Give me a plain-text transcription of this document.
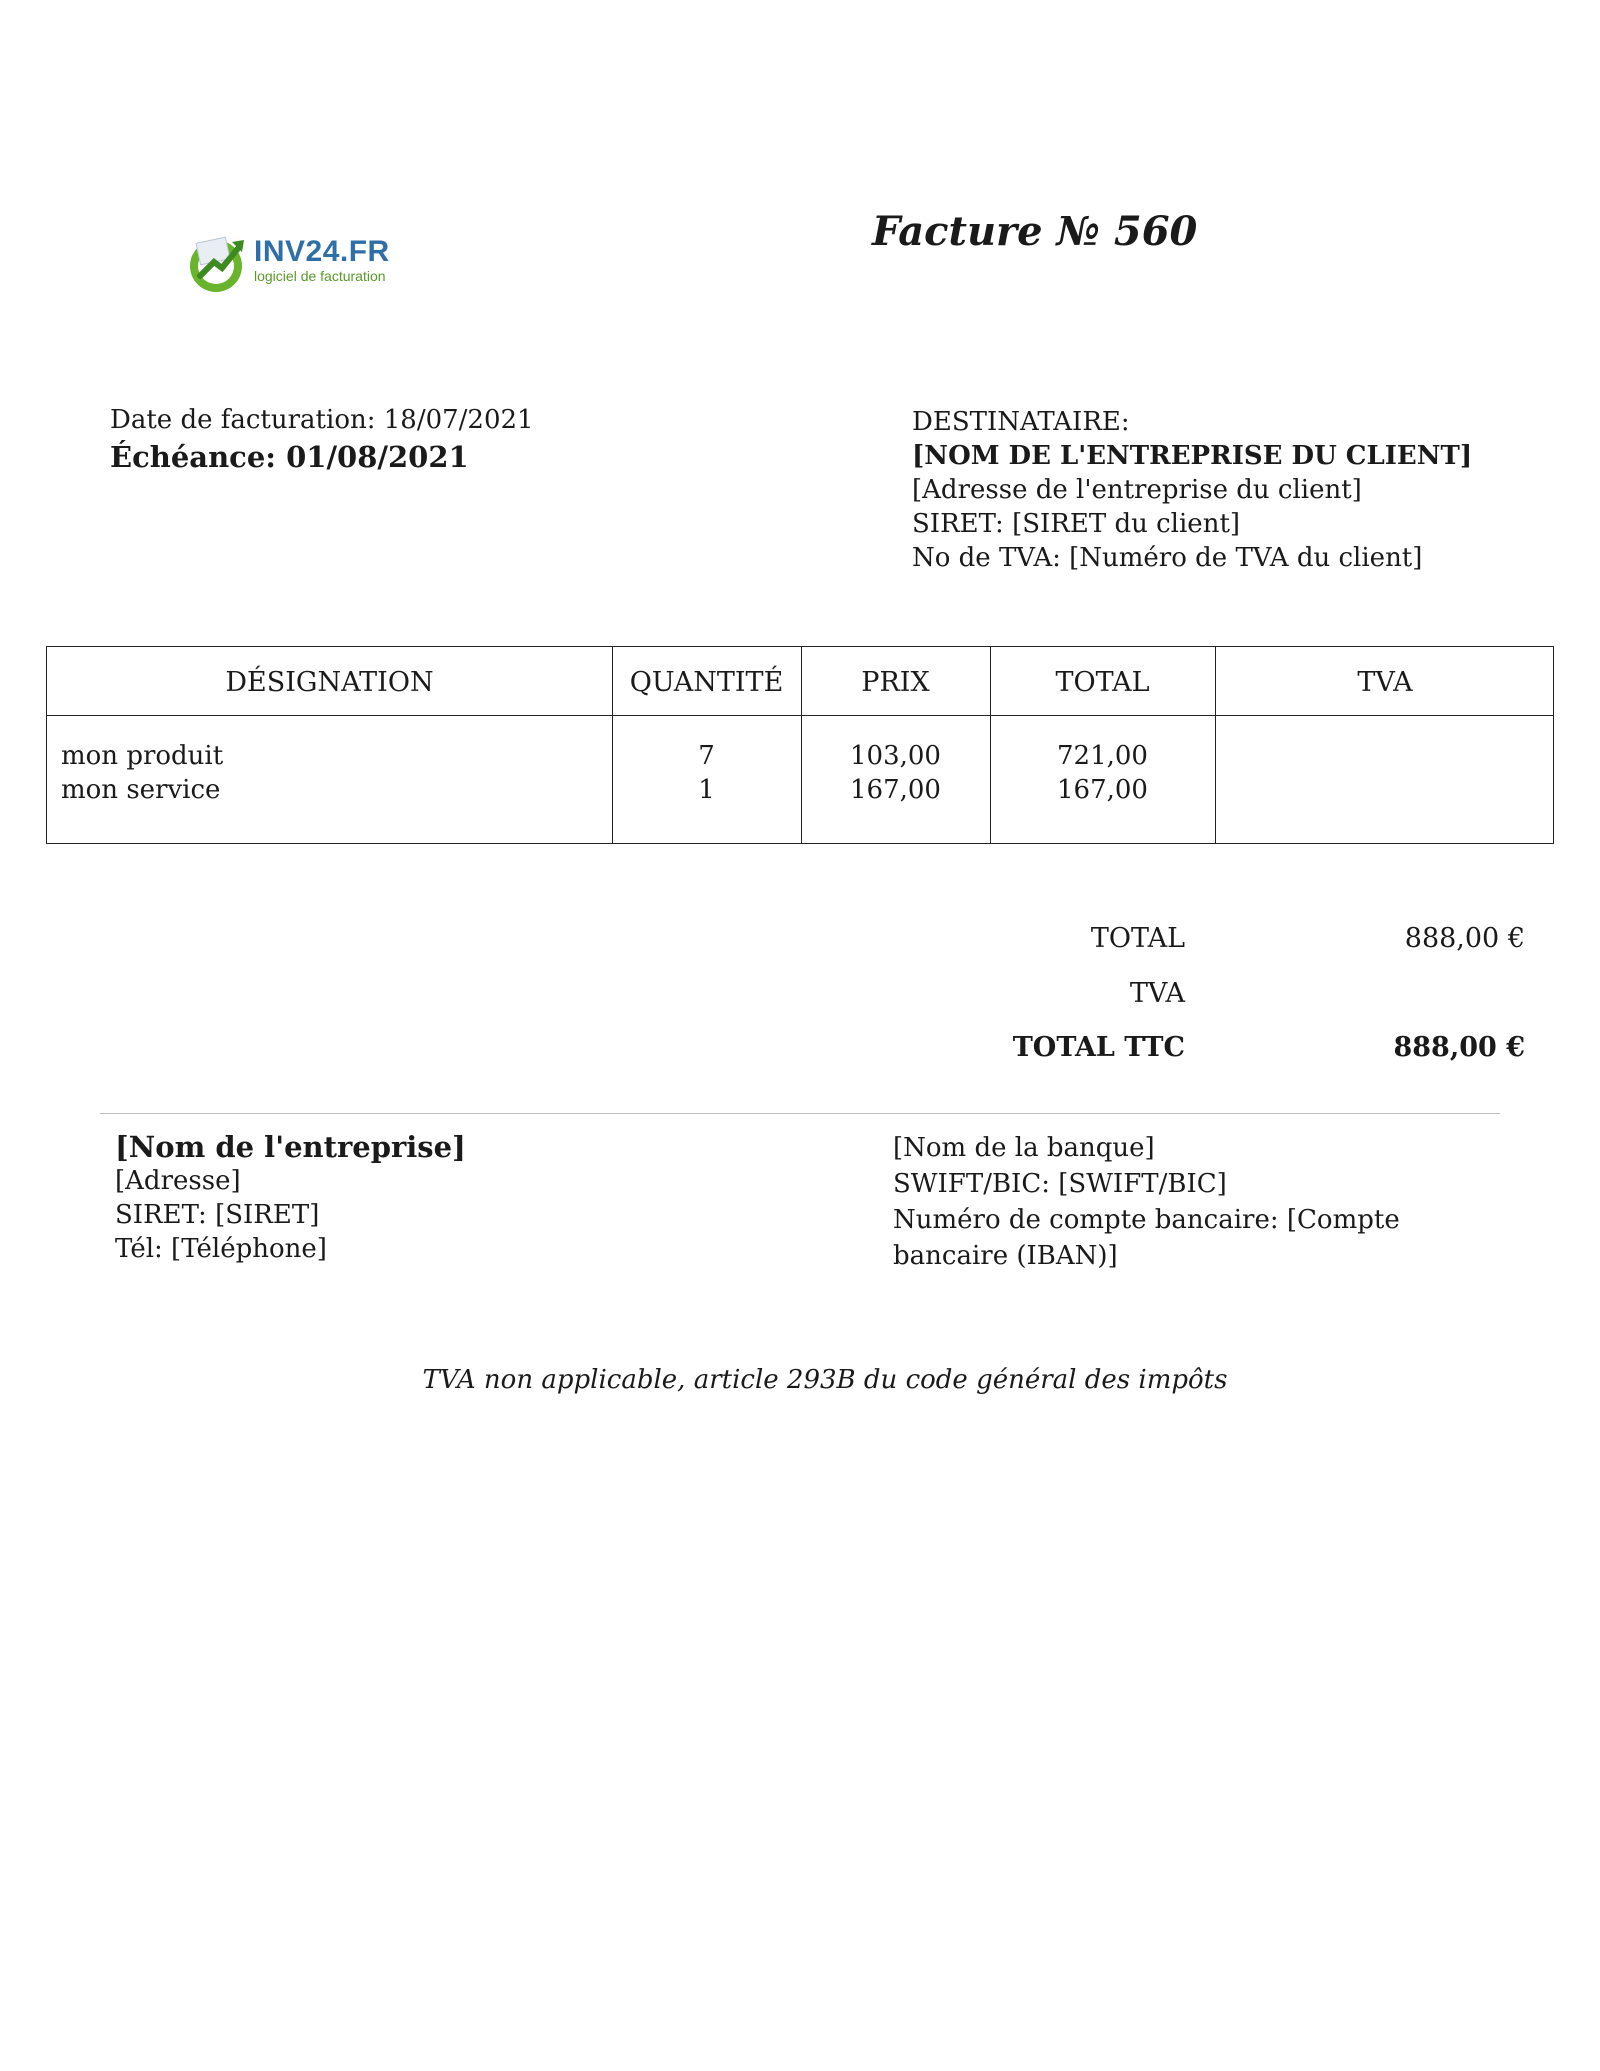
INV24.FR
logiciel de facturation
Facture № 560
Date de facturation: 18/07/2021
Échéance: 01/08/2021
DESTINATAIRE:
[NOM DE L'ENTREPRISE DU CLIENT]
[Adresse de l'entreprise du client]
SIRET: [SIRET du client]
No de TVA: [Numéro de TVA du client]
DÉSIGNATION	QUANTITÉ	PRIX	TOTAL	TVA
mon produit	7	103,00	721,00
mon service	1	167,00	167,00
TOTAL	888,00 €
TVA
TOTAL TTC	888,00 €
[Nom de l'entreprise]
[Adresse]
SIRET: [SIRET]
Tél: [Téléphone]
[Nom de la banque]
SWIFT/BIC: [SWIFT/BIC]
Numéro de compte bancaire: [Compte bancaire (IBAN)]
TVA non applicable, article 293B du code général des impôts
